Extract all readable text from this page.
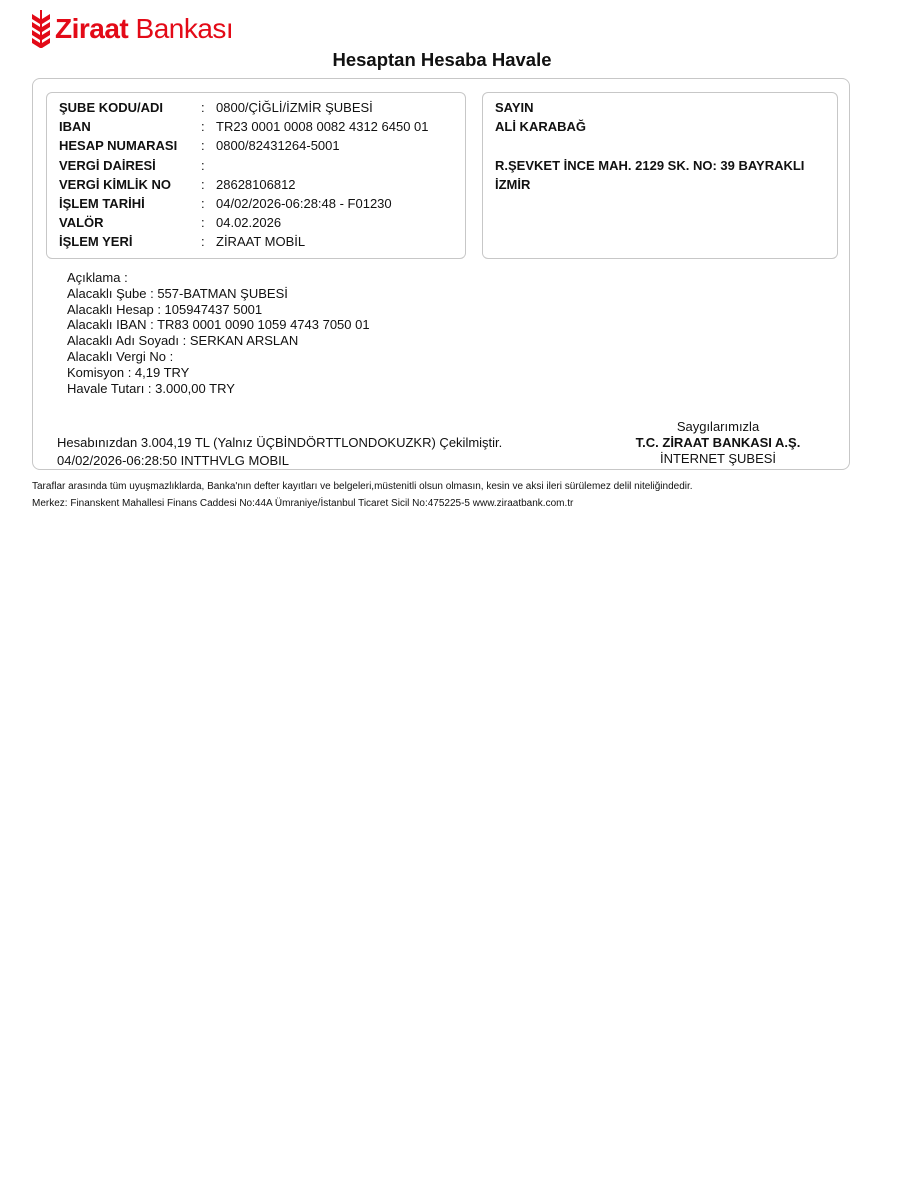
Ziraat Bankası
Hesaptan Hesaba Havale
ŞUBE KODU/ADI	: 0800/ÇİĞLİ/İZMİR ŞUBESİ
IBAN	: TR23 0001 0008 0082 4312 6450 01
HESAP NUMARASI	: 0800/82431264-5001
VERGİ DAİRESİ	:
VERGİ KİMLİK NO	: 28628106812
İŞLEM TARİHİ	: 04/02/2026-06:28:48 - F01230
VALÖR	: 04.02.2026
İŞLEM YERİ	: ZİRAAT MOBİL
SAYIN
ALİ KARABAĞ
R.ŞEVKET İNCE MAH. 2129 SK. NO: 39 BAYRAKLI
İZMİR
Açıklama :
Alacaklı Şube : 557-BATMAN ŞUBESİ
Alacaklı Hesap : 105947437 5001
Alacaklı IBAN : TR83 0001 0090 1059 4743 7050 01
Alacaklı Adı Soyadı : SERKAN ARSLAN
Alacaklı Vergi No :
Komisyon : 4,19 TRY
Havale Tutarı : 3.000,00 TRY
Hesabınızdan 3.004,19 TL (Yalnız ÜÇBİNDÖRTTLONDOKUZKR) Çekilmiştir.
04/02/2026-06:28:50 INTTHVLG MOBIL
Saygılarımızla
T.C. ZİRAAT BANKASI A.Ş.
İNTERNET ŞUBESİ
Taraflar arasında tüm uyuşmazlıklarda, Banka'nın defter kayıtları ve belgeleri,müstenitli olsun olmasın, kesin ve aksi ileri sürülemez delil niteliğindedir.
Merkez: Finanskent Mahallesi Finans Caddesi No:44A Ümraniye/İstanbul Ticaret Sicil No:475225-5 www.ziraatbank.com.tr
